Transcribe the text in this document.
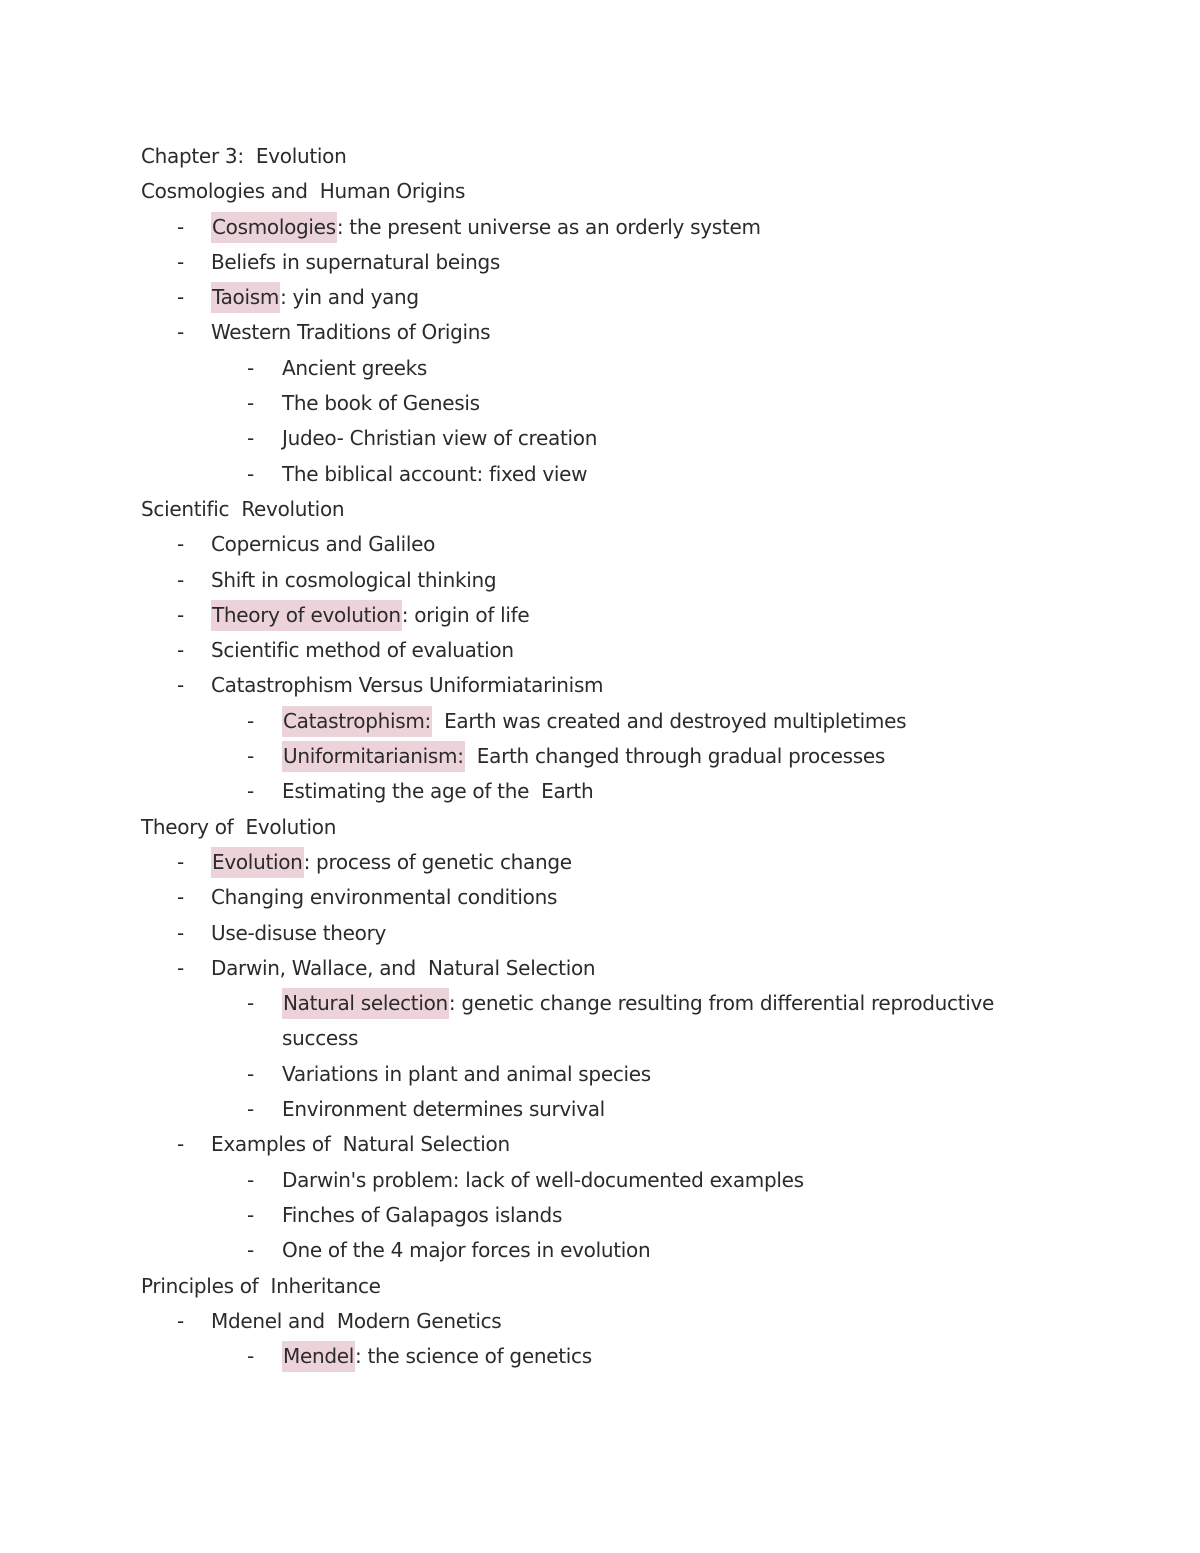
Chapter 3:  Evolution
Cosmologies and  Human Origins
- Cosmologies: the present universe as an orderly system
- Beliefs in supernatural beings
- Taoism: yin and yang
- Western Traditions of Origins
- Ancient greeks
- The book of Genesis
- Judeo- Christian view of creation
- The biblical account: fixed view
Scientific  Revolution
- Copernicus and Galileo
- Shift in cosmological thinking
- Theory of evolution: origin of life
- Scientific method of evaluation
- Catastrophism Versus Uniformiatarinism
- Catastrophism:  Earth was created and destroyed multipletimes
- Uniformitarianism:  Earth changed through gradual processes
- Estimating the age of the  Earth
Theory of  Evolution
- Evolution: process of genetic change
- Changing environmental conditions
- Use-disuse theory
- Darwin, Wallace, and  Natural Selection
- Natural selection: genetic change resulting from differential reproductive success
- Variations in plant and animal species
- Environment determines survival
- Examples of  Natural Selection
- Darwin's problem: lack of well-documented examples
- Finches of Galapagos islands
- One of the 4 major forces in evolution
Principles of  Inheritance
- Mdenel and  Modern Genetics
- Mendel: the science of genetics
